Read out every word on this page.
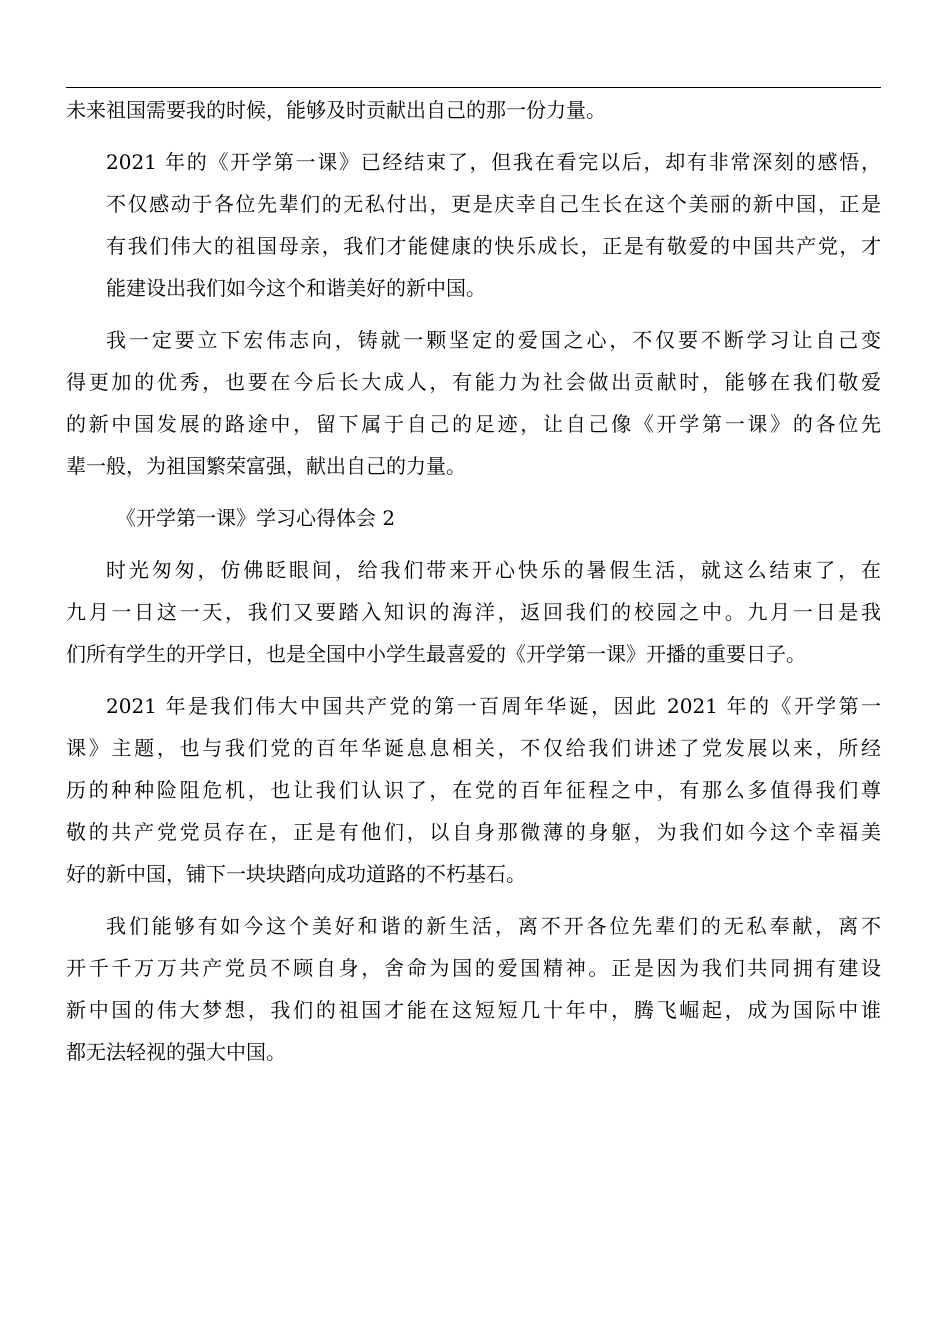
未来祖国需要我的时候，能够及时贡献出自己的那一份力量。

2021 年的《开学第一课》已经结束了，但我在看完以后，却有非常深刻的感悟，
不仅感动于各位先辈们的无私付出，更是庆幸自己生长在这个美丽的新中国，正是
有我们伟大的祖国母亲，我们才能健康的快乐成长，正是有敬爱的中国共产党，才
能建设出我们如今这个和谐美好的新中国。

我一定要立下宏伟志向，铸就一颗坚定的爱国之心，不仅要不断学习让自己变
得更加的优秀，也要在今后长大成人，有能力为社会做出贡献时，能够在我们敬爱
的新中国发展的路途中，留下属于自己的足迹，让自己像《开学第一课》的各位先
辈一般，为祖国繁荣富强，献出自己的力量。

《开学第一课》学习心得体会 2

时光匆匆，仿佛眨眼间，给我们带来开心快乐的暑假生活，就这么结束了，在
九月一日这一天，我们又要踏入知识的海洋，返回我们的校园之中。九月一日是我
们所有学生的开学日，也是全国中小学生最喜爱的《开学第一课》开播的重要日子。

2021 年是我们伟大中国共产党的第一百周年华诞，因此 2021 年的《开学第一
课》主题，也与我们党的百年华诞息息相关，不仅给我们讲述了党发展以来，所经
历的种种险阻危机，也让我们认识了，在党的百年征程之中，有那么多值得我们尊
敬的共产党党员存在，正是有他们，以自身那微薄的身躯，为我们如今这个幸福美
好的新中国，铺下一块块踏向成功道路的不朽基石。

我们能够有如今这个美好和谐的新生活，离不开各位先辈们的无私奉献，离不
开千千万万共产党员不顾自身，舍命为国的爱国精神。正是因为我们共同拥有建设
新中国的伟大梦想，我们的祖国才能在这短短几十年中，腾飞崛起，成为国际中谁
都无法轻视的强大中国。
